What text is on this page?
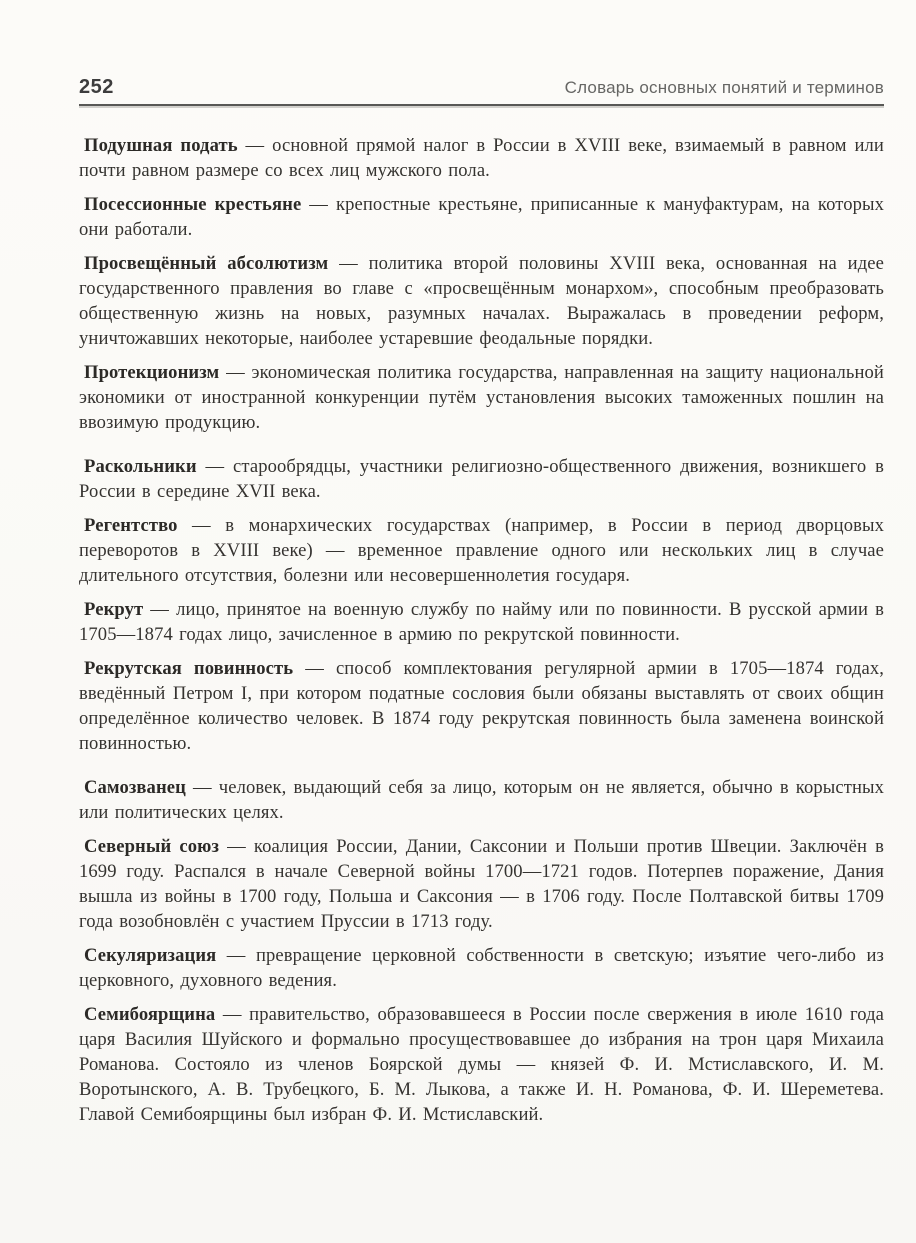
252	Словарь основных понятий и терминов

Подушная подать — основной прямой налог в России в XVIII веке, взимаемый в равном или почти равном размере со всех лиц мужского пола.

Посессионные крестьяне — крепостные крестьяне, приписанные к мануфактурам, на которых они работали.

Просвещённый абсолютизм — политика второй половины XVIII века, основанная на идее государственного правления во главе с «просвещённым монархом», способным преобразовать общественную жизнь на новых, разумных началах. Выражалась в проведении реформ, уничтожавших некоторые, наиболее устаревшие феодальные порядки.

Протекционизм — экономическая политика государства, направленная на защиту национальной экономики от иностранной конкуренции путём установления высоких таможенных пошлин на ввозимую продукцию.

Раскольники — старообрядцы, участники религиозно-общественного движения, возникшего в России в середине XVII века.

Регентство — в монархических государствах (например, в России в период дворцовых переворотов в XVIII веке) — временное правление одного или нескольких лиц в случае длительного отсутствия, болезни или несовершеннолетия государя.

Рекрут — лицо, принятое на военную службу по найму или по повинности. В русской армии в 1705—1874 годах лицо, зачисленное в армию по рекрутской повинности.

Рекрутская повинность — способ комплектования регулярной армии в 1705—1874 годах, введённый Петром I, при котором податные сословия были обязаны выставлять от своих общин определённое количество человек. В 1874 году рекрутская повинность была заменена воинской повинностью.

Самозванец — человек, выдающий себя за лицо, которым он не является, обычно в корыстных или политических целях.

Северный союз — коалиция России, Дании, Саксонии и Польши против Швеции. Заключён в 1699 году. Распался в начале Северной войны 1700—1721 годов. Потерпев поражение, Дания вышла из войны в 1700 году, Польша и Саксония — в 1706 году. После Полтавской битвы 1709 года возобновлён с участием Пруссии в 1713 году.

Секуляризация — превращение церковной собственности в светскую; изъятие чего-либо из церковного, духовного ведения.

Семибоярщина — правительство, образовавшееся в России после свержения в июле 1610 года царя Василия Шуйского и формально просуществовавшее до избрания на трон царя Михаила Романова. Состояло из членов Боярской думы — князей Ф. И. Мстиславского, И. М. Воротынского, А. В. Трубецкого, Б. М. Лыкова, а также И. Н. Романова, Ф. И. Шереметева. Главой Семибоярщины был избран Ф. И. Мстиславский.
